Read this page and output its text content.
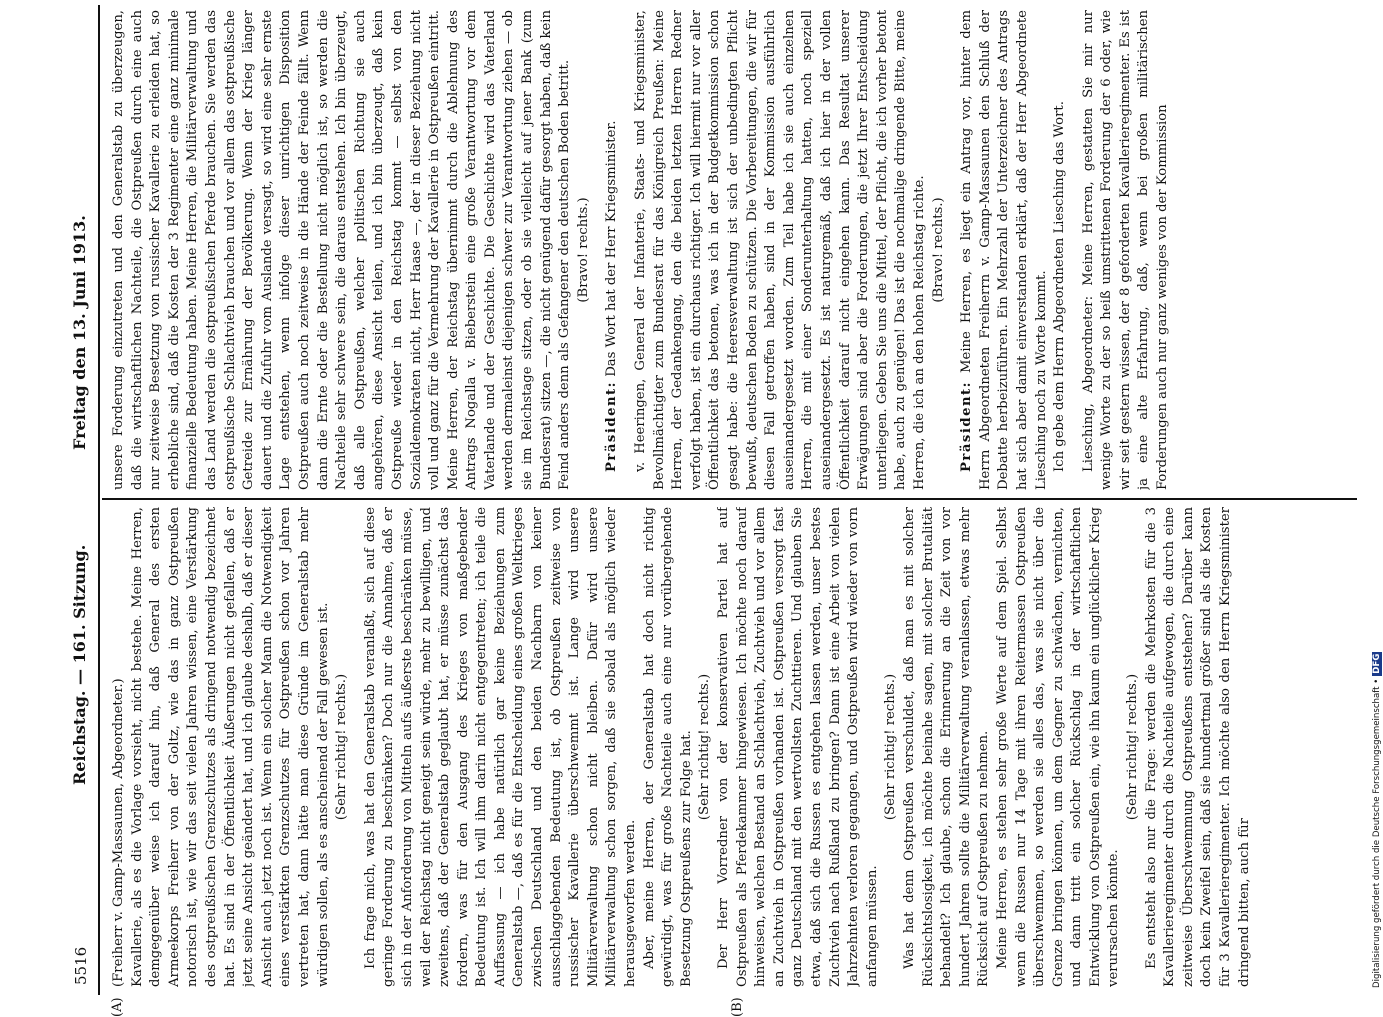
5516
Reichstag. — 161. Sitzung.
Freitag den 13. Juni 1913.
(A)	(B)

(Freiherr v. Gamp-Massaunen, Abgeordneter.) Kavallerie, als es die Vorlage vorsieht, nicht bestehe. Meine Herren, demgegenüber weise ich darauf hin, daß General des ersten Armeekorps Freiherr von der Goltz, wie das in ganz Ostpreußen notorisch ist, wie wir das seit vielen Jahren wissen, eine Verstärkung des ostpreußischen Grenzschutzes als dringend notwendig bezeichnet hat. Es sind in der Öffentlichkeit Äußerungen nicht gefallen, daß er jetzt seine Ansicht geändert hat, und ich glaube deshalb, daß er dieser Ansicht auch jetzt noch ist. Wenn ein solcher Mann die Notwendigkeit eines verstärkten Grenzschutzes für Ostpreußen schon vor Jahren vertreten hat, dann hätte man diese Gründe im Generalstab mehr würdigen sollen, als es anscheinend der Fall gewesen ist. (Sehr richtig! rechts.) Ich frage mich, was hat den Generalstab veranlaßt, sich auf diese geringe Forderung zu beschränken? Doch nur die Annahme, daß er sich in der Anforderung von Mitteln aufs äußerste beschränken müsse, weil der Reichstag nicht geneigt sein würde, mehr zu bewilligen, und zweitens, daß der Generalstab geglaubt hat, er müsse zunächst das fordern, was für den Ausgang des Krieges von maßgebender Bedeutung ist. Ich will ihm darin nicht entgegentreten; ich teile die Auffassung — ich habe natürlich gar keine Beziehungen zum Generalstab —, daß es für die Entscheidung eines großen Weltkrieges zwischen Deutschland und den beiden Nachbarn von keiner ausschlaggebenden Bedeutung ist, ob Ostpreußen zeitweise von russischer Kavallerie überschwemmt ist. Lange wird unsere Militärverwaltung schon nicht bleiben. Dafür wird unsere Militärverwaltung schon sorgen, daß sie sobald als möglich wieder herausgeworfen werden. Aber, meine Herren, der Generalstab hat doch nicht richtig gewürdigt, was für große Nachteile auch eine nur vorübergehende Besetzung Ostpreußens zur Folge hat. (Sehr richtig! rechts.) Der Herr Vorredner von der konservativen Partei hat auf Ostpreußen als Pferdekammer hingewiesen. Ich möchte noch darauf hinweisen, welchen Bestand an Schlachtvieh, Zuchtvieh und vor allem an Zuchtvieh in Ostpreußen vorhanden ist. Ostpreußen versorgt fast ganz Deutschland mit den wertvollsten Zuchttieren. Und glauben Sie etwa, daß sich die Russen es entgehen lassen werden, unser bestes Zuchtvieh nach Rußland zu bringen? Dann ist eine Arbeit von vielen Jahrzehnten verloren gegangen, und Ostpreußen wird wieder von vorn anfangen müssen.

(Sehr richtig! rechts.) Was hat denn Ostpreußen verschuldet, daß man es mit solcher Rücksichtslosigkeit, ich möchte beinahe sagen, mit solcher Brutalität behandelt? Ich glaube, schon die Erinnerung an die Zeit von vor hundert Jahren sollte die Militärverwaltung veranlassen, etwas mehr Rücksicht auf Ostpreußen zu nehmen. Meine Herren, es stehen sehr große Werte auf dem Spiel. Selbst wenn die Russen nur 14 Tage mit ihren Reitermassen Ostpreußen überschwemmen, so werden sie alles das, was sie nicht über die Grenze bringen können, um dem Gegner zu schwächen, vernichten, und dann tritt ein solcher Rückschlag in der wirtschaftlichen Entwicklung von Ostpreußen ein, wie ihn kaum ein unglücklicher Krieg verursachen könnte.

(Sehr richtig! rechts.) Es entsteht also nur die Frage: werden die Mehrkosten für die 3 Kavallerieregimenter durch die Nachteile aufgewogen, die durch eine zeitweise Überschwemmung Ostpreußens entstehen? Darüber kann doch kein Zweifel sein, daß sie hundertmal größer sind als die Kosten für 3 Kavallerieregimenter. Ich möchte also den Herrn Kriegsminister dringend bitten, auch für

unsere Forderung einzutreten und den Generalstab zu überzeugen, daß die wirtschaftlichen Nachteile, die Ostpreußen durch eine auch nur zeitweise Besetzung von russischer Kavallerie zu erleiden hat, so erhebliche sind, daß die Kosten der 3 Regimenter eine ganz minimale finanzielle Bedeutung haben. Meine Herren, die Militärverwaltung und das Land werden die ostpreußischen Pferde brauchen. Sie werden das ostpreußische Schlachtvieh brauchen und vor allem das ostpreußische Getreide zur Ernährung der Bevölkerung. Wenn der Krieg länger dauert und die Zufuhr vom Auslande versagt, so wird eine sehr ernste Lage entstehen, wenn infolge dieser unrichtigen Disposition Ostpreußen auch noch zeitweise in die Hände der Feinde fällt. Wenn dann die Ernte oder die Bestellung nicht möglich ist, so werden die Nachteile sehr schwere sein, die daraus entstehen. Ich bin überzeugt, daß alle Ostpreußen, welcher politischen Richtung sie auch angehören, diese Ansicht teilen, und ich bin überzeugt, daß kein Ostpreuße wieder in den Reichstag kommt — selbst von den Sozialdemokraten nicht, Herr Haase —, der in dieser Beziehung nicht voll und ganz für die Vermehrung der Kavallerie in Ostpreußen eintritt. Meine Herren, der Reichstag übernimmt durch die Ablehnung des Antrags Nogalla v. Bieberstein eine große Verantwortung vor dem Vaterlande und der Geschichte. Die Geschichte wird das Vaterland werden dermaleinst diejenigen schwer zur Verantwortung ziehen — ob sie im Reichstage sitzen, oder ob sie vielleicht auf jener Bank (zum Bundesrat) sitzen —, die nicht genügend dafür gesorgt haben, daß kein Feind anders denn als Gefangener den deutschen Boden betritt. (Bravo! rechts.)

Präsident: Das Wort hat der Herr Kriegsminister. v. Heeringen, General der Infanterie, Staats- und Kriegsminister, Bevollmächtigter zum Bundesrat für das Königreich Preußen: Meine Herren, der Gedankengang, den die beiden letzten Herren Redner verfolgt haben, ist ein durchaus richtiger. Ich will hiermit nur vor aller Öffentlichkeit das betonen, was ich in der Budgetkommission schon gesagt habe: die Heeresverwaltung ist sich der unbedingten Pflicht bewußt, deutschen Boden zu schützen. Die Vorbereitungen, die wir für diesen Fall getroffen haben, sind in der Kommission ausführlich auseinandergesetzt worden. Zum Teil habe ich sie auch einzelnen Herren, die mit einer Sonderunterhaltung hatten, noch speziell auseinandergesetzt. Es ist naturgemäß, daß ich hier in der vollen Öffentlichkeit darauf nicht eingehen kann. Das Resultat unserer Erwägungen sind aber die Forderungen, die jetzt Ihrer Entscheidung unterliegen. Geben Sie uns die Mittel, der Pflicht, die ich vorher betont habe, auch zu genügen! Das ist die nochmalige dringende Bitte, meine Herren, die ich an den hohen Reichstag richte. (Bravo! rechts.)

Präsident: Meine Herren, es liegt ein Antrag vor, hinter dem Herrn Abgeordneten Freiherrn v. Gamp-Massaunen den Schluß der Debatte herbeizuführen. Ein Mehrzahl der Unterzeichner des Antrags hat sich aber damit einverstanden erklärt, daß der Herr Abgeordnete Liesching noch zu Worte kommt. Ich gebe dem Herrn Abgeordneten Liesching das Wort. Liesching, Abgeordneter: Meine Herren, gestatten Sie mir nur wenige Worte zu der so heiß umstrittenen Forderung der 6 oder, wie wir seit gestern wissen, der 8 geforderten Kavallerieregimenter. Es ist ja eine alte Erfahrung, daß, wenn bei großen militärischen Forderungen auch nur ganz weniges von der Kommission

Digitalisierung gefördert durch die Deutsche Forschungsgemeinschaft •DFG
